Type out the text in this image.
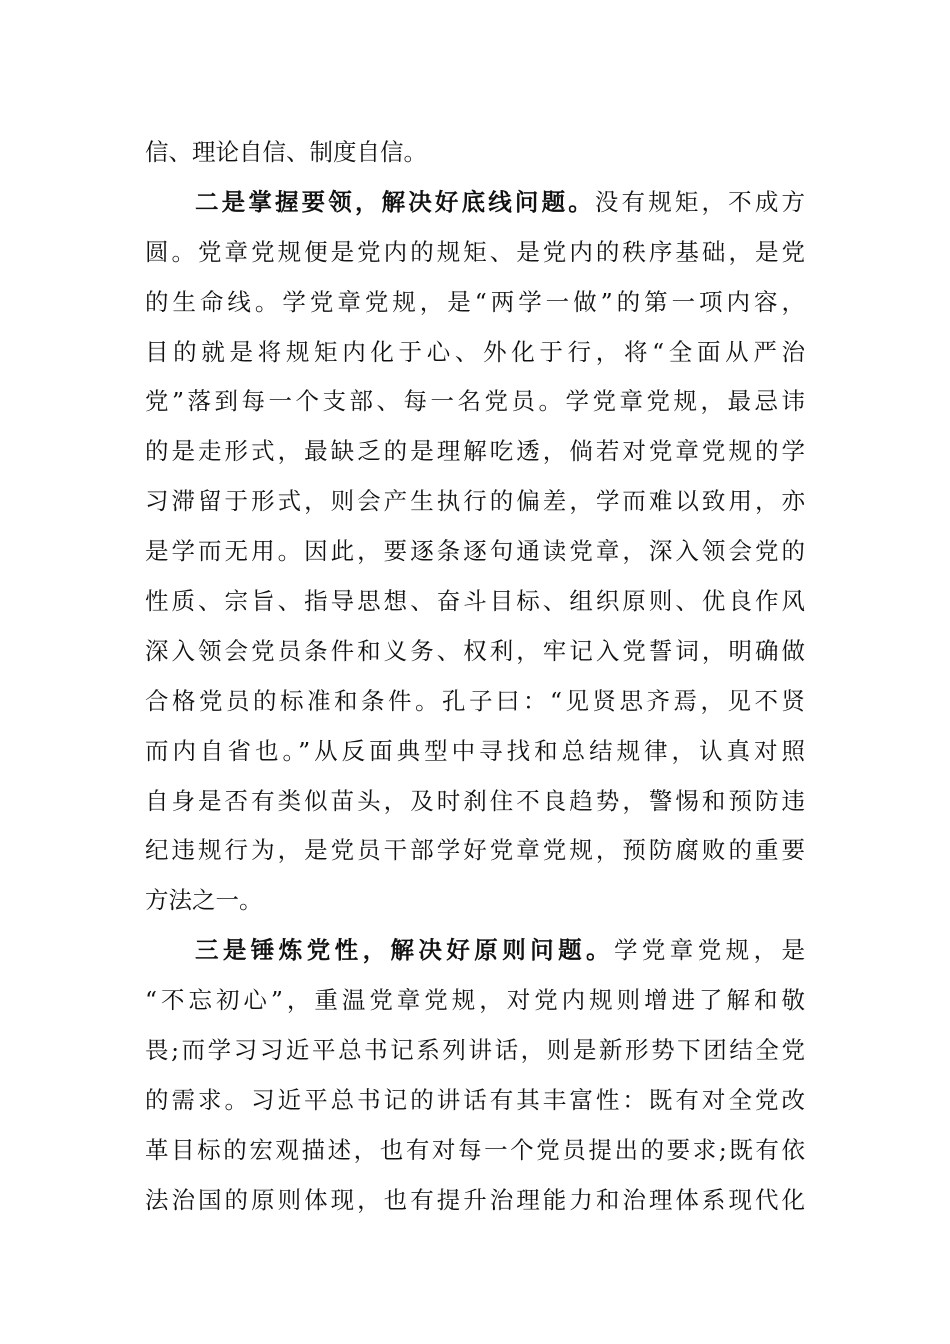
信、理论自信、制度自信。
二是掌握要领，解决好底线问题。没有规矩，不成方
圆。党章党规便是党内的规矩、是党内的秩序基础，是党
的生命线。学党章党规，是“两学一做”的第一项内容，
目的就是将规矩内化于心、外化于行，将“全面从严治
党”落到每一个支部、每一名党员。学党章党规，最忌讳
的是走形式，最缺乏的是理解吃透，倘若对党章党规的学
习滞留于形式，则会产生执行的偏差，学而难以致用，亦
是学而无用。因此，要逐条逐句通读党章，深入领会党的
性质、宗旨、指导思想、奋斗目标、组织原则、优良作风
深入领会党员条件和义务、权利，牢记入党誓词，明确做
合格党员的标准和条件。孔子曰：“见贤思齐焉，见不贤
而内自省也。”从反面典型中寻找和总结规律，认真对照
自身是否有类似苗头，及时刹住不良趋势，警惕和预防违
纪违规行为，是党员干部学好党章党规，预防腐败的重要
方法之一。
三是锤炼党性，解决好原则问题。学党章党规，是
“不忘初心”，重温党章党规，对党内规则增进了解和敬
畏;而学习习近平总书记系列讲话，则是新形势下团结全党
的需求。习近平总书记的讲话有其丰富性：既有对全党改
革目标的宏观描述，也有对每一个党员提出的要求;既有依
法治国的原则体现，也有提升治理能力和治理体系现代化
